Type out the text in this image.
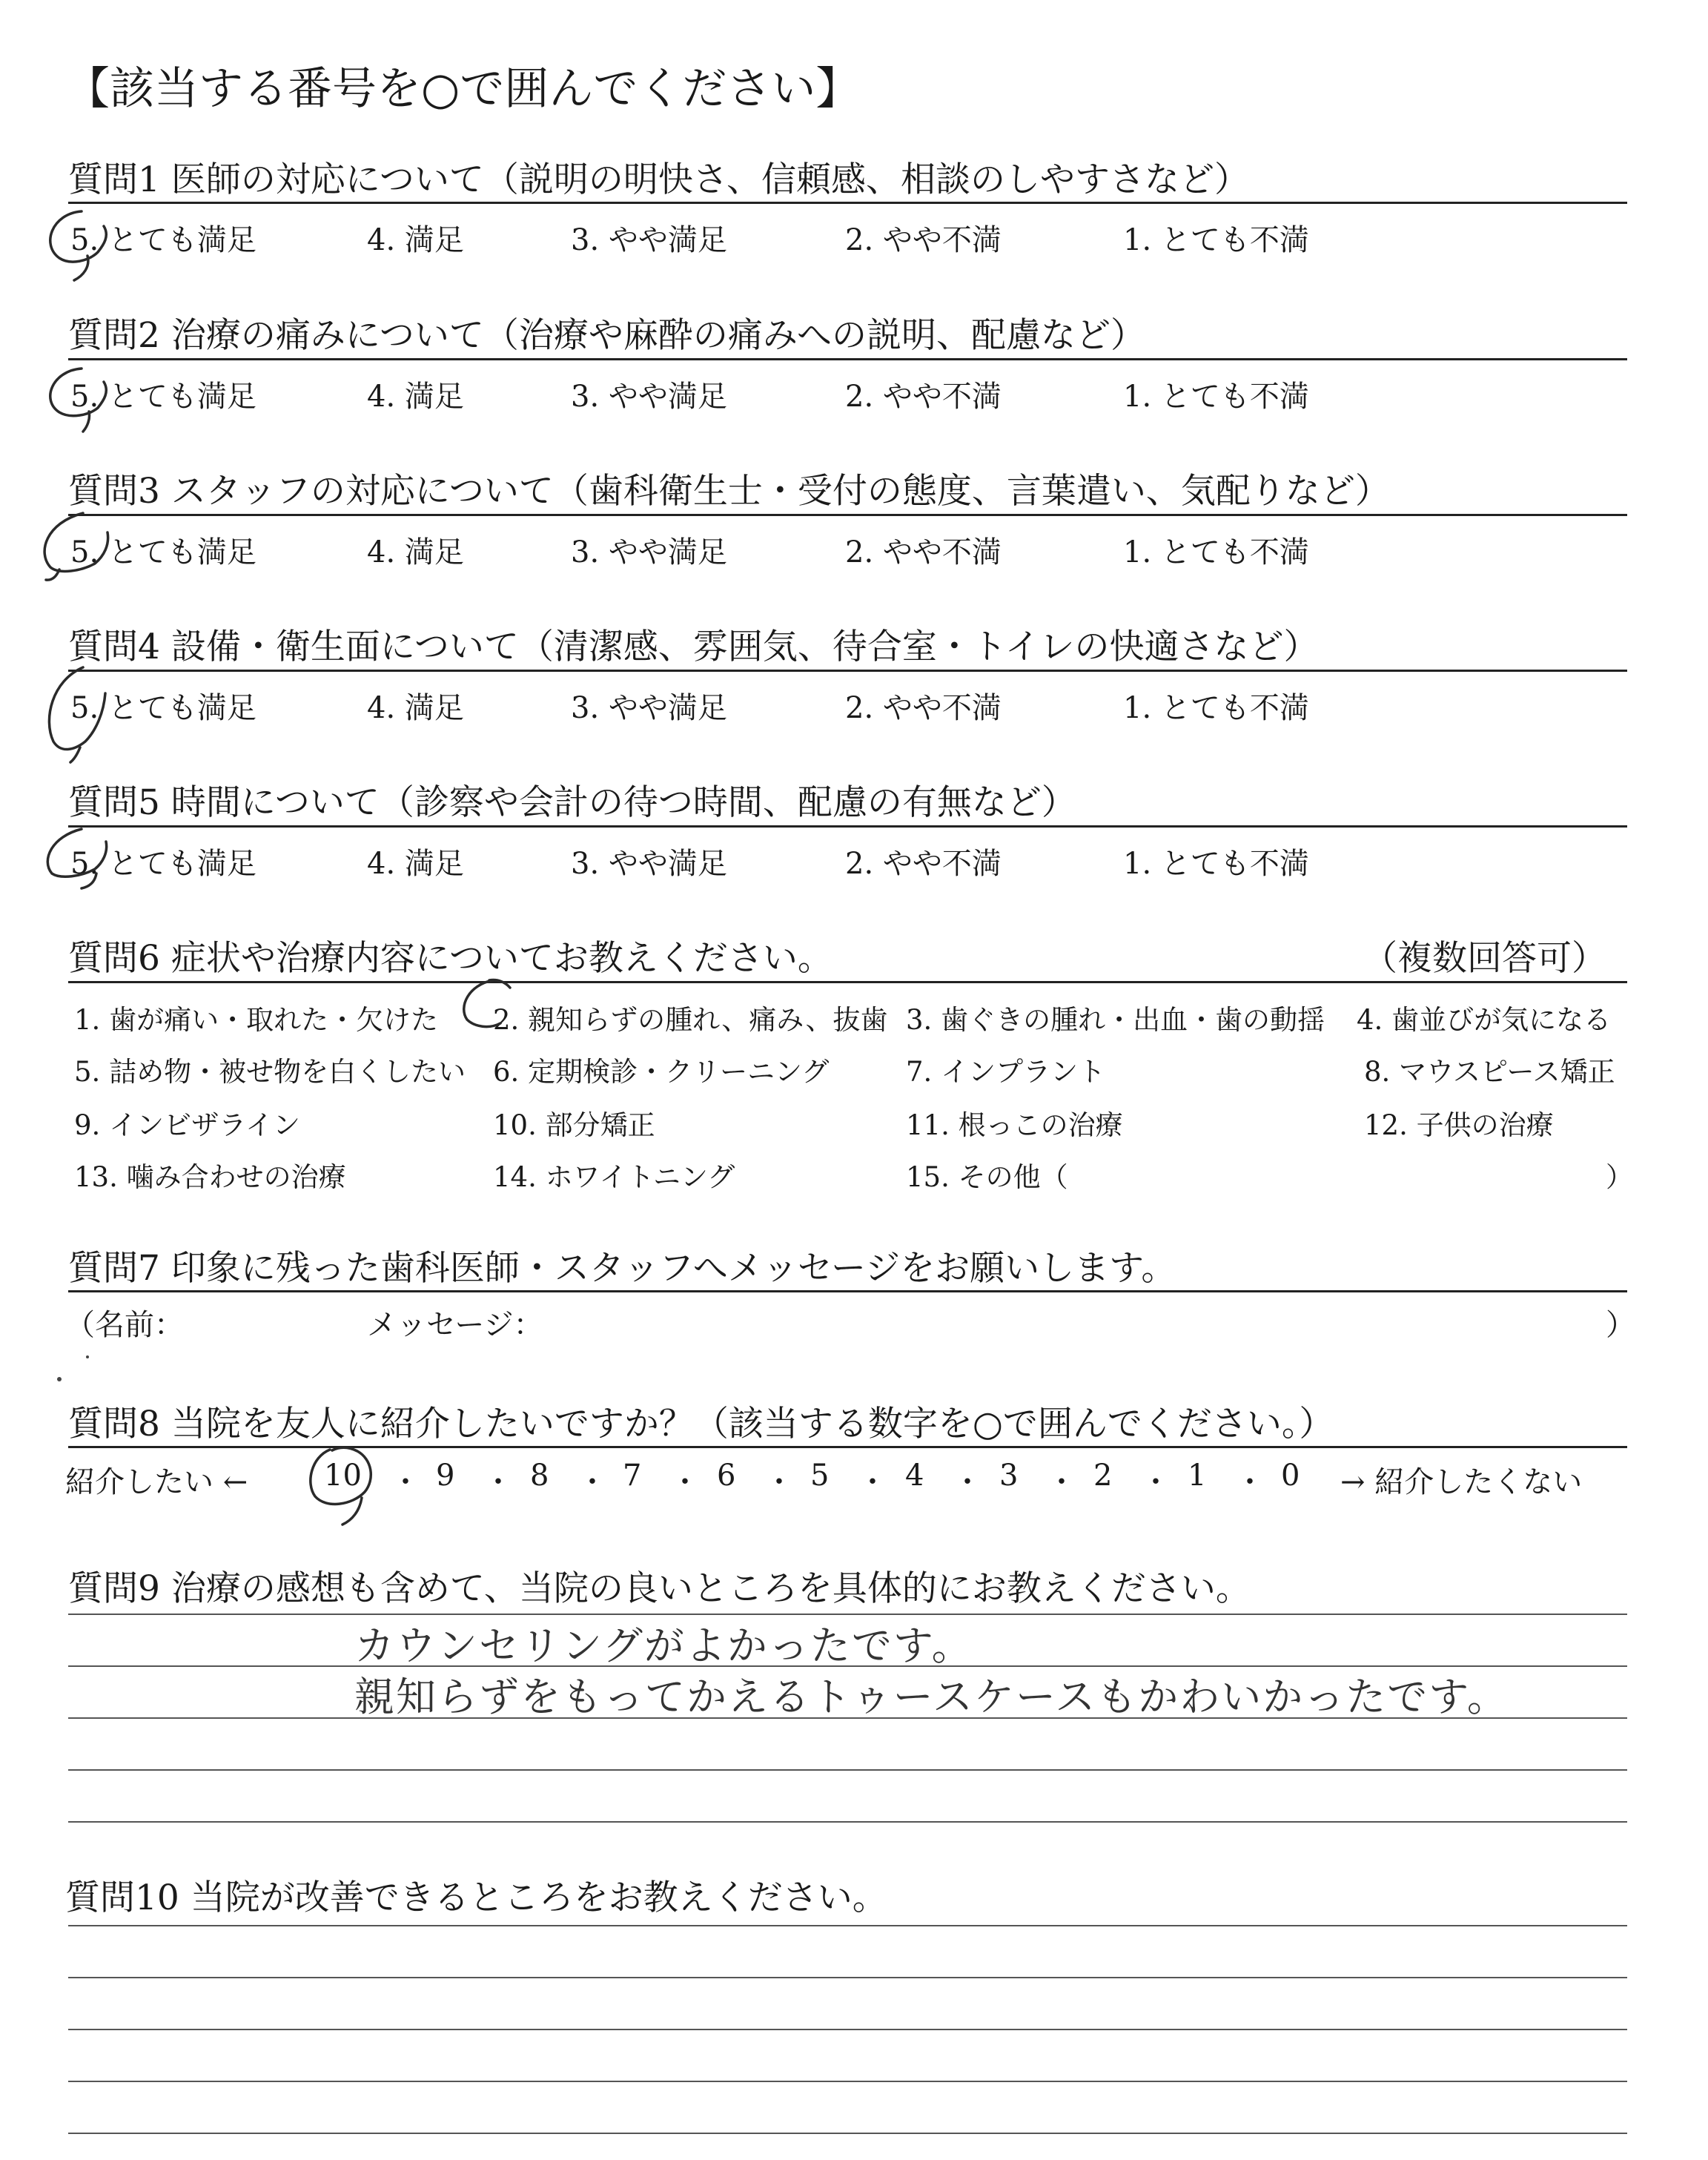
【該当する番号を○で囲んでください】
質問1 医師の対応について（説明の明快さ、信頼感、相談のしやすさなど）
5. とても満足	4. 満足	3. やや満足	2. やや不満	1. とても不満
質問2 治療の痛みについて（治療や麻酔の痛みへの説明、配慮など）
5. とても満足	4. 満足	3. やや満足	2. やや不満	1. とても不満
質問3 スタッフの対応について（歯科衛生士・受付の態度、言葉遣い、気配りなど）
5. とても満足	4. 満足	3. やや満足	2. やや不満	1. とても不満
質問4 設備・衛生面について（清潔感、雰囲気、待合室・トイレの快適さなど）
5. とても満足	4. 満足	3. やや満足	2. やや不満	1. とても不満
質問5 時間について（診察や会計の待つ時間、配慮の有無など）
5. とても満足	4. 満足	3. やや満足	2. やや不満	1. とても不満
質問6 症状や治療内容についてお教えください。	（複数回答可）
1. 歯が痛い・取れた・欠けた 2. 親知らずの腫れ、痛み、抜歯 3. 歯ぐきの腫れ・出血・歯の動揺 4. 歯並びが気になる
5. 詰め物・被せ物を白くしたい 6. 定期検診・クリーニング	7. インプラント	8. マウスピース矯正
9. インビザライン	10. 部分矯正	11. 根っこの治療	12. 子供の治療
13. 噛み合わせの治療	14. ホワイトニング	15. その他（	）
質問7 印象に残った歯科医師・スタッフへメッセージをお願いします。
（名前：	メッセージ：	）
質問8 当院を友人に紹介したいですか？（該当する数字を○で囲んでください。）
紹介したい ←	10 ・ 9 ・ 8 ・ 7 ・ 6 ・ 5 ・ 4 ・ 3 ・ 2 ・ 1 ・ 0 → 紹介したくない
質問9 治療の感想も含めて、当院の良いところを具体的にお教えください。
カウンセリングがよかったです。
親知らずをもってかえるトゥースケースもかわいかったです。
質問10 当院が改善できるところをお教えください。
